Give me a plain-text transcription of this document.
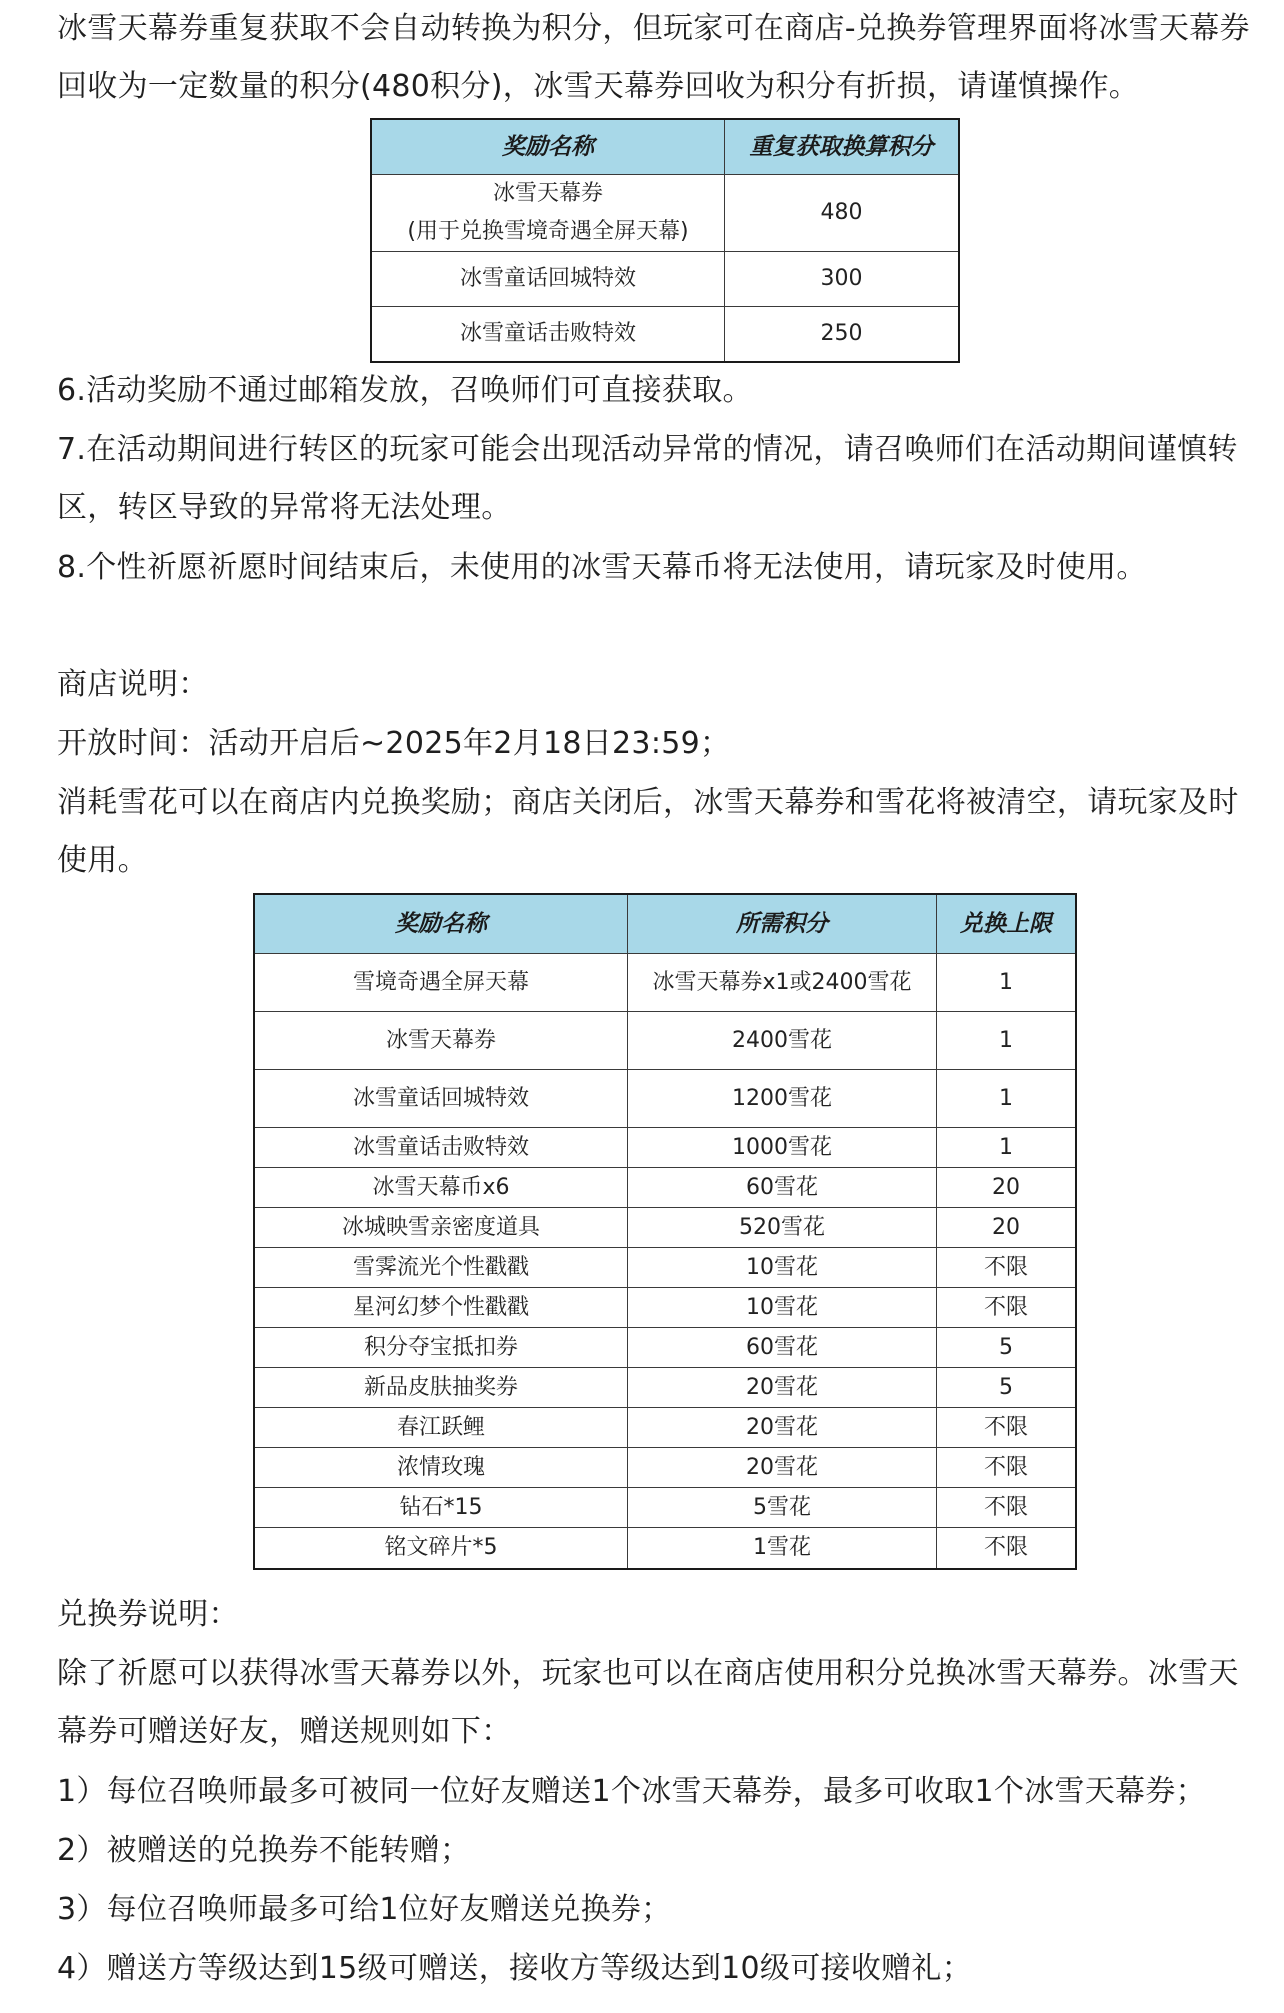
冰雪天幕券重复获取不会自动转换为积分，但玩家可在商店-兑换券管理界面将冰雪天幕券回收为一定数量的积分(480积分)，冰雪天幕券回收为积分有折损，请谨慎操作。

奖励名称	重复获取换算积分

冰雪天幕券
(用于兑换雪境奇遇全屏天幕)	480
冰雪童话回城特效	300
冰雪童话击败特效	250

6.活动奖励不通过邮箱发放，召唤师们可直接获取。

7.在活动期间进行转区的玩家可能会出现活动异常的情况，请召唤师们在活动期间谨慎转区，转区导致的异常将无法处理。

8.个性祈愿祈愿时间结束后，未使用的冰雪天幕币将无法使用，请玩家及时使用。

商店说明：

开放时间：活动开启后~2025年2月18日23:59；

消耗雪花可以在商店内兑换奖励；商店关闭后，冰雪天幕券和雪花将被清空，请玩家及时使用。

奖励名称	所需积分	兑换上限
雪境奇遇全屏天幕	冰雪天幕券x1或2400雪花	1
冰雪天幕券	2400雪花	1
冰雪童话回城特效	1200雪花	1
冰雪童话击败特效	1000雪花	1
冰雪天幕币x6	60雪花	20
冰城映雪亲密度道具	520雪花	20
雪霁流光个性戳戳	10雪花	不限
星河幻梦个性戳戳	10雪花	不限
积分夺宝抵扣券	60雪花	5
新品皮肤抽奖券	20雪花	5
春江跃鲤	20雪花	不限
浓情玫瑰	20雪花	不限
钻石*15	5雪花	不限
铭文碎片*5	1雪花	不限

兑换券说明：

除了祈愿可以获得冰雪天幕券以外，玩家也可以在商店使用积分兑换冰雪天幕券。冰雪天幕券可赠送好友，赠送规则如下：

1）每位召唤师最多可被同一位好友赠送1个冰雪天幕券，最多可收取1个冰雪天幕券；

2）被赠送的兑换券不能转赠；

3）每位召唤师最多可给1位好友赠送兑换券；

4）赠送方等级达到15级可赠送，接收方等级达到10级可接收赠礼；
